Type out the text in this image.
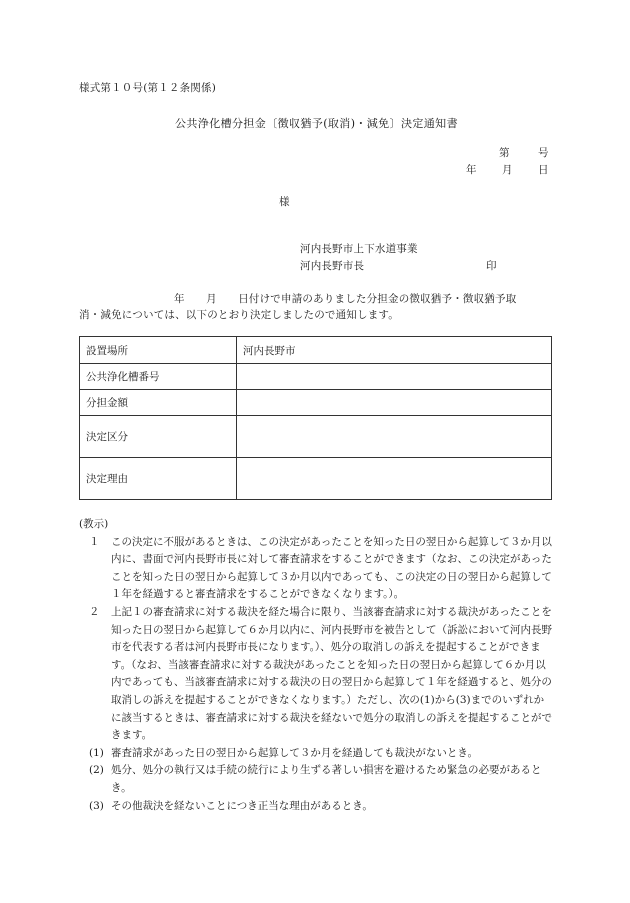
様式第１０号(第１２条関係)
公共浄化槽分担金〔徴収猶予(取消)・減免〕決定通知書
第	号
年 月 日
様
河内長野市上下水道事業
河内長野市長	印
年　　月　　日付けで申請のありました分担金の徴収猶予・徴収猶予取
消・減免については、以下のとおり決定しましたので通知します。
設置場所	河内長野市
公共浄化槽番号	
分担金額	
決定区分	
決定理由	

(教示)

１ この決定に不服があるときは、この決定があったことを知った日の翌日から起算して３か月以内に、書面で河内長野市長に対して審査請求をすることができます（なお、この決定があったことを知った日の翌日から起算して３か月以内であっても、この決定の日の翌日から起算して１年を経過すると審査請求をすることができなくなります。）。

２ 上記１の審査請求に対する裁決を経た場合に限り、当該審査請求に対する裁決があったことを知った日の翌日から起算して６か月以内に、河内長野市を被告として（訴訟において河内長野市を代表する者は河内長野市長になります。）、処分の取消しの訴えを提起することができます。（なお、当該審査請求に対する裁決があったことを知った日の翌日から起算して６か月以内であっても、当該審査請求に対する裁決の日の翌日から起算して１年を経過すると、処分の取消しの訴えを提起することができなくなります。）ただし、次の(1)から(3)までのいずれかに該当するときは、審査請求に対する裁決を経ないで処分の取消しの訴えを提起することができます。

(1) 審査請求があった日の翌日から起算して３か月を経過しても裁決がないとき。

(2) 処分、処分の執行又は手続の続行により生ずる著しい損害を避けるため緊急の必要があるとき。

(3) その他裁決を経ないことにつき正当な理由があるとき。
